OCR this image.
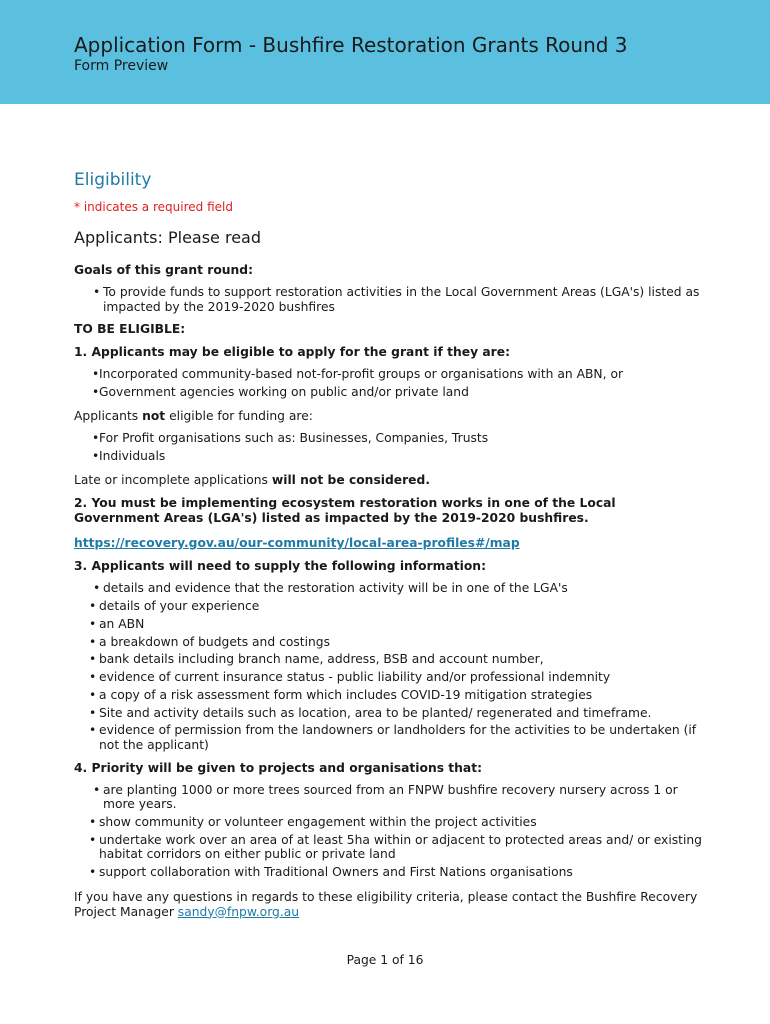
Application Form - Bushfire Restoration Grants Round 3
Form Preview
Eligibility
* indicates a required field
Applicants: Please read
Goals of this grant round:
• To provide funds to support restoration activities in the Local Government Areas (LGA's) listed as impacted by the 2019-2020 bushfires
TO BE ELIGIBLE:
1. Applicants may be eligible to apply for the grant if they are:
• Incorporated community-based not-for-profit groups or organisations with an ABN, or
• Government agencies working on public and/or private land
Applicants not eligible for funding are:
• For Profit organisations such as: Businesses, Companies, Trusts
• Individuals
Late or incomplete applications will not be considered.
2. You must be implementing ecosystem restoration works in one of the Local Government Areas (LGA's) listed as impacted by the 2019-2020 bushfires.
https://recovery.gov.au/our-community/local-area-profiles#/map
3. Applicants will need to supply the following information:
• details and evidence that the restoration activity will be in one of the LGA's
• details of your experience
• an ABN
• a breakdown of budgets and costings
• bank details including branch name, address, BSB and account number,
• evidence of current insurance status - public liability and/or professional indemnity
• a copy of a risk assessment form which includes COVID-19 mitigation strategies
• Site and activity details such as location, area to be planted/ regenerated and timeframe.
• evidence of permission from the landowners or landholders for the activities to be undertaken (if not the applicant)
4. Priority will be given to projects and organisations that:
• are planting 1000 or more trees sourced from an FNPW bushfire recovery nursery across 1 or more years.
• show community or volunteer engagement within the project activities
• undertake work over an area of at least 5ha within or adjacent to protected areas and/ or existing habitat corridors on either public or private land
• support collaboration with Traditional Owners and First Nations organisations
If you have any questions in regards to these eligibility criteria, please contact the Bushfire Recovery Project Manager sandy@fnpw.org.au
Page 1 of 16
